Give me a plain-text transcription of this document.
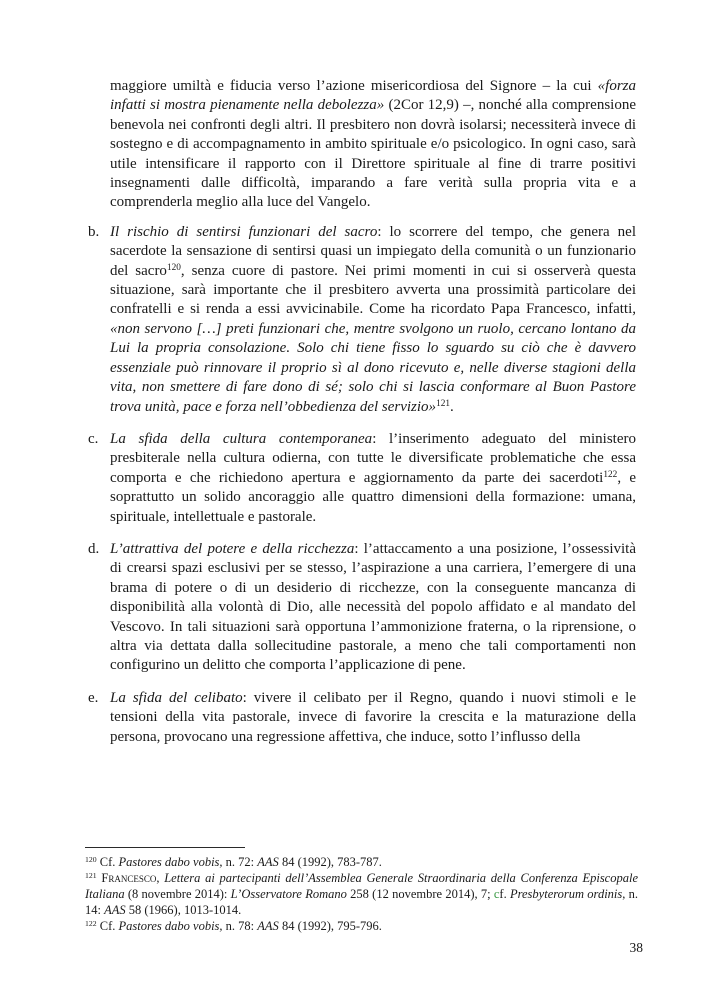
maggiore umiltà e fiducia verso l’azione misericordiosa del Signore – la cui «forza infatti si mostra pienamente nella debolezza» (2Cor 12,9) –, nonché alla comprensione benevola nei confronti degli altri. Il presbitero non dovrà isolarsi; necessiterà invece di sostegno e di accompagnamento in ambito spirituale e/o psicologico. In ogni caso, sarà utile intensificare il rapporto con il Direttore spirituale al fine di trarre positivi insegnamenti dalle difficoltà, imparando a fare verità sulla propria vita e a comprenderla meglio alla luce del Vangelo.

b. Il rischio di sentirsi funzionari del sacro: lo scorrere del tempo, che genera nel sacerdote la sensazione di sentirsi quasi un impiegato della comunità o un funzionario del sacro$^{120}$, senza cuore di pastore. Nei primi momenti in cui si osserverà questa situazione, sarà importante che il presbitero avverta una prossimità particolare dei confratelli e si renda a essi avvicinabile. Come ha ricordato Papa Francesco, infatti, «non servono […] preti funzionari che, mentre svolgono un ruolo, cercano lontano da Lui la propria consolazione. Solo chi tiene fisso lo sguardo su ciò che è davvero essenziale può rinnovare il proprio sì al dono ricevuto e, nelle diverse stagioni della vita, non smettere di fare dono di sé; solo chi si lascia conformare al Buon Pastore trova unità, pace e forza nell’obbedienza del servizio»$^{121}$.
c. La sfida della cultura contemporanea: l’inserimento adeguato del ministero presbiterale nella cultura odierna, con tutte le diversificate problematiche che essa comporta e che richiedono apertura e aggiornamento da parte dei sacerdoti$^{122}$, e soprattutto un solido ancoraggio alle quattro dimensioni della formazione: umana, spirituale, intellettuale e pastorale.
d. L’attrattiva del potere e della ricchezza: l’attaccamento a una posizione, l’ossessività di crearsi spazi esclusivi per se stesso, l’aspirazione a una carriera, l’emergere di una brama di potere o di un desiderio di ricchezze, con la conseguente mancanza di disponibilità alla volontà di Dio, alle necessità del popolo affidato e al mandato del Vescovo. In tali situazioni sarà opportuna l’ammonizione fraterna, o la riprensione, o altra via dettata dalla sollecitudine pastorale, a meno che tali comportamenti non configurino un delitto che comporta l’applicazione di pene.
e. La sfida del celibato: vivere il celibato per il Regno, quando i nuovi stimoli e le tensioni della vita pastorale, invece di favorire la crescita e la maturazione della persona, provocano una regressione affettiva, che induce, sotto l’influsso della

$^{120}$ Cf. Pastores dabo vobis, n. 72: AAS 84 (1992), 783-787.

$^{121}$ Francesco, Lettera ai partecipanti dell’Assemblea Generale Straordinaria della Conferenza Episcopale Italiana (8 novembre 2014): L’Osservatore Romano 258 (12 novembre 2014), 7; cf. Presbyterorum ordinis, n. 14: AAS 58 (1966), 1013-1014.

$^{122}$ Cf. Pastores dabo vobis, n. 78: AAS 84 (1992), 795-796.

38
